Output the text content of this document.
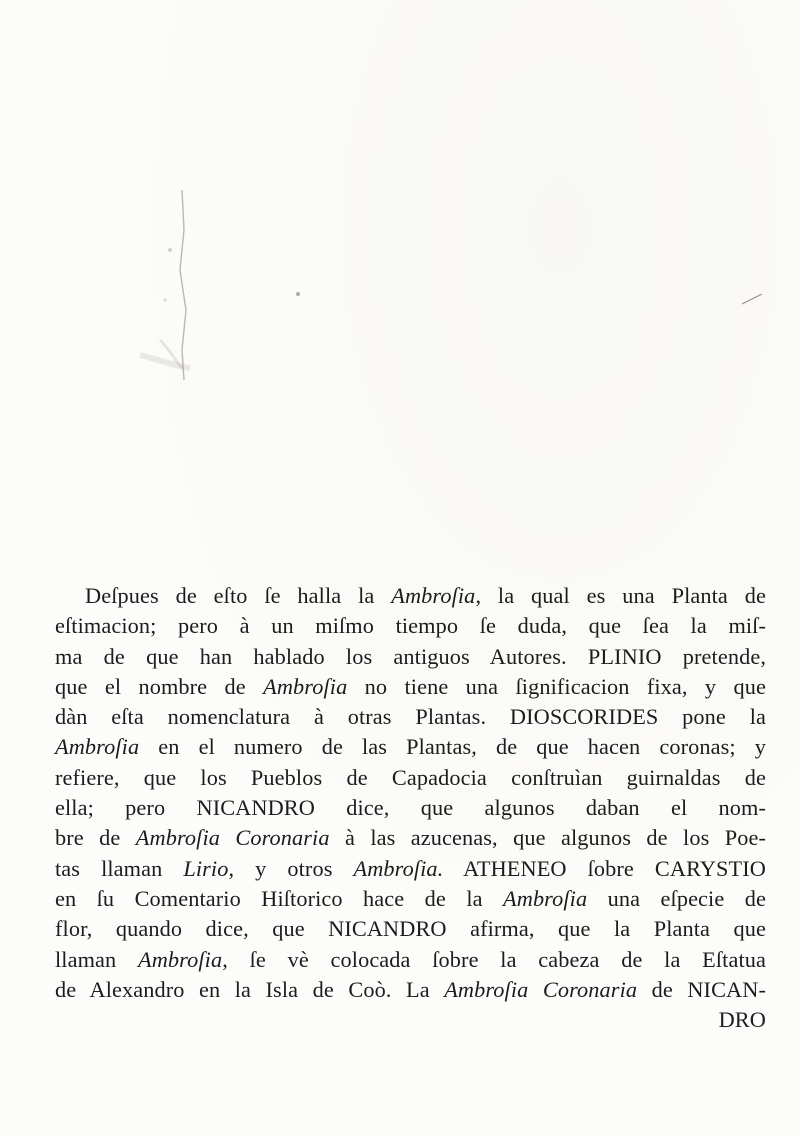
Deſpues de eſto ſe halla la Ambroſia, la qual es una Planta de
eſtimacion; pero à un miſmo tiempo ſe duda, que ſea la miſ-
ma de que han hablado los antiguos Autores. PLINIO pretende,
que el nombre de Ambroſia no tiene una ſignificacion fixa, y que
dàn eſta nomenclatura à otras Plantas. DIOSCORIDES pone la
Ambroſia en el numero de las Plantas, de que hacen coronas; y
refiere, que los Pueblos de Capadocia conſtruìan guirnaldas de
ella; pero NICANDRO dice, que algunos daban el nom-
bre de Ambroſia Coronaria à las azucenas, que algunos de los Poe-
tas llaman Lirio, y otros Ambroſia. ATHENEO ſobre CARYSTIO
en ſu Comentario Hiſtorico hace de la Ambroſia una eſpecie de
flor, quando dice, que NICANDRO afirma, que la Planta que
llaman Ambroſia, ſe vè colocada ſobre la cabeza de la Eſtatua
de Alexandro en la Isla de Coò. La Ambroſia Coronaria de NICAN-
DRO
